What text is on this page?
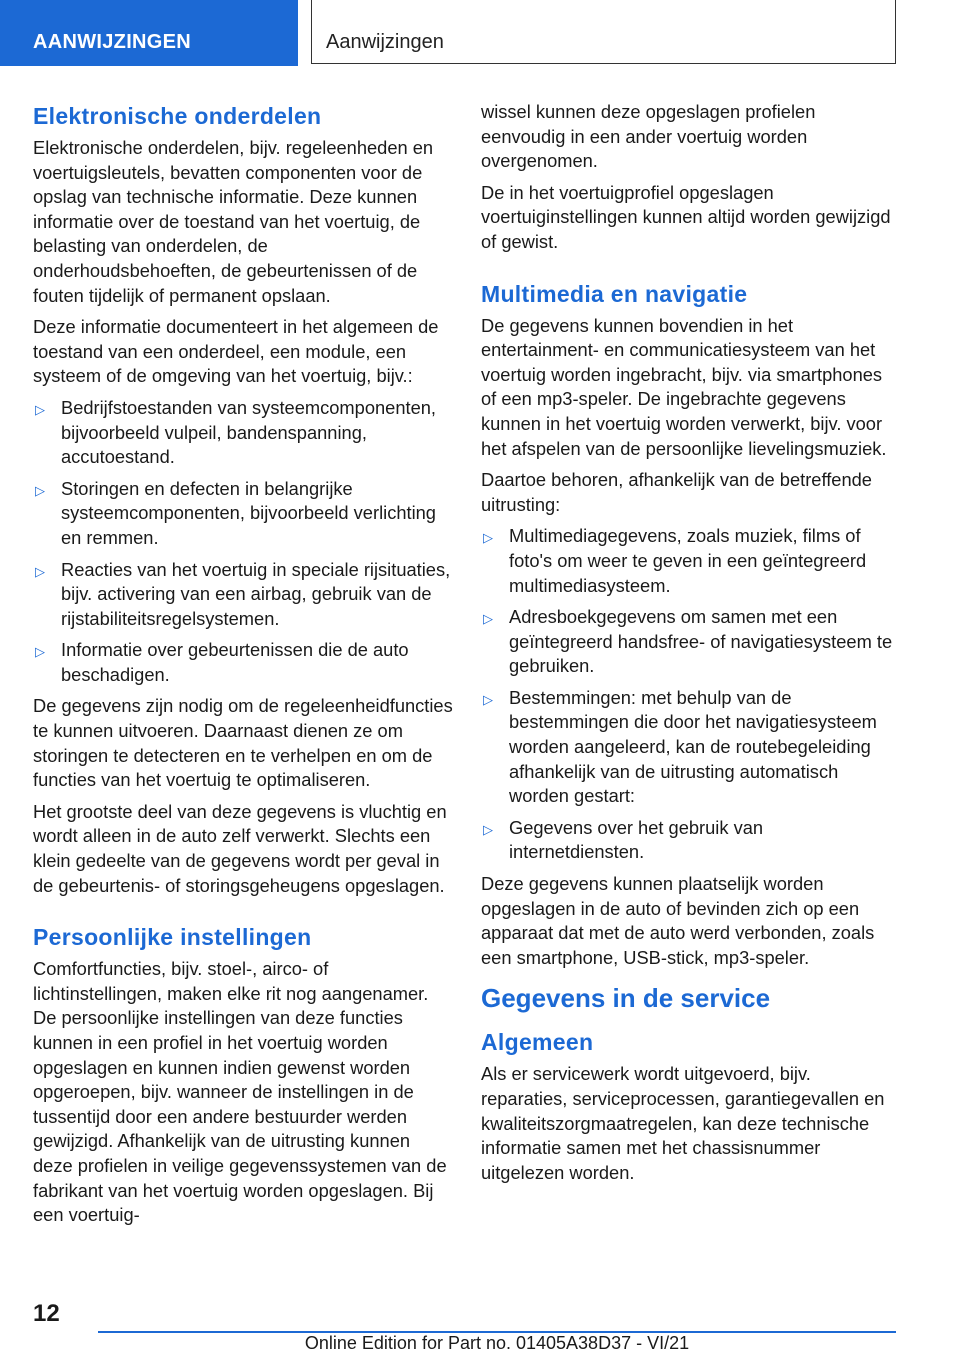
AANWIJZINGEN	Aanwijzingen
Elektronische onderdelen

Elektronische onderdelen, bijv. regeleenheden en voertuigsleutels, bevatten componenten voor de opslag van technische informatie. Deze kunnen informatie over de toestand van het voertuig, de belasting van onderdelen, de onderhoudsbehoeften, de gebeurtenissen of de fouten tijdelijk of permanent opslaan.

Deze informatie documenteert in het algemeen de toestand van een onderdeel, een module, een systeem of de omgeving van het voertuig, bijv.:

▷ Bedrijfstoestanden van systeemcomponenten, bijvoorbeeld vulpeil, bandenspanning, accutoestand.
▷ Storingen en defecten in belangrijke systeemcomponenten, bijvoorbeeld verlichting en remmen.
▷ Reacties van het voertuig in speciale rijsituaties, bijv. activering van een airbag, gebruik van de rijstabiliteitsregelsystemen.
▷ Informatie over gebeurtenissen die de auto beschadigen.

De gegevens zijn nodig om de regeleenheidfuncties te kunnen uitvoeren. Daarnaast dienen ze om storingen te detecteren en te verhelpen en om de functies van het voertuig te optimaliseren.

Het grootste deel van deze gegevens is vluchtig en wordt alleen in de auto zelf verwerkt. Slechts een klein gedeelte van de gegevens wordt per geval in de gebeurtenis- of storingsgeheugens opgeslagen.

Persoonlijke instellingen

Comfortfuncties, bijv. stoel-, airco- of lichtinstellingen, maken elke rit nog aangenamer. De persoonlijke instellingen van deze functies kunnen in een profiel in het voertuig worden opgeslagen en kunnen indien gewenst worden opgeroepen, bijv. wanneer de instellingen in de tussentijd door een andere bestuurder werden gewijzigd. Afhankelijk van de uitrusting kunnen deze profielen in veilige gegevenssystemen van de fabrikant van het voertuig worden opgeslagen. Bij een voertuig-

wissel kunnen deze opgeslagen profielen eenvoudig in een ander voertuig worden overgenomen.

De in het voertuigprofiel opgeslagen voertuiginstellingen kunnen altijd worden gewijzigd of gewist.

Multimedia en navigatie

De gegevens kunnen bovendien in het entertainment- en communicatiesysteem van het voertuig worden ingebracht, bijv. via smartphones of een mp3-speler. De ingebrachte gegevens kunnen in het voertuig worden verwerkt, bijv. voor het afspelen van de persoonlijke lievelingsmuziek.

Daartoe behoren, afhankelijk van de betreffende uitrusting:

▷ Multimediagegevens, zoals muziek, films of foto's om weer te geven in een geïntegreerd multimediasysteem.
▷ Adresboekgegevens om samen met een geïntegreerd handsfree- of navigatiesysteem te gebruiken.
▷ Bestemmingen: met behulp van de bestemmingen die door het navigatiesysteem worden aangeleerd, kan de routebegeleiding afhankelijk van de uitrusting automatisch worden gestart:
▷ Gegevens over het gebruik van internetdiensten.

Deze gegevens kunnen plaatselijk worden opgeslagen in de auto of bevinden zich op een apparaat dat met de auto werd verbonden, zoals een smartphone, USB-stick, mp3-speler.

Gegevens in de service
Algemeen

Als er servicewerk wordt uitgevoerd, bijv. reparaties, serviceprocessen, garantiegevallen en kwaliteitszorgmaatregelen, kan deze technische informatie samen met het chassisnummer uitgelezen worden.

12
Online Edition for Part no. 01405A38D37 - VI/21
